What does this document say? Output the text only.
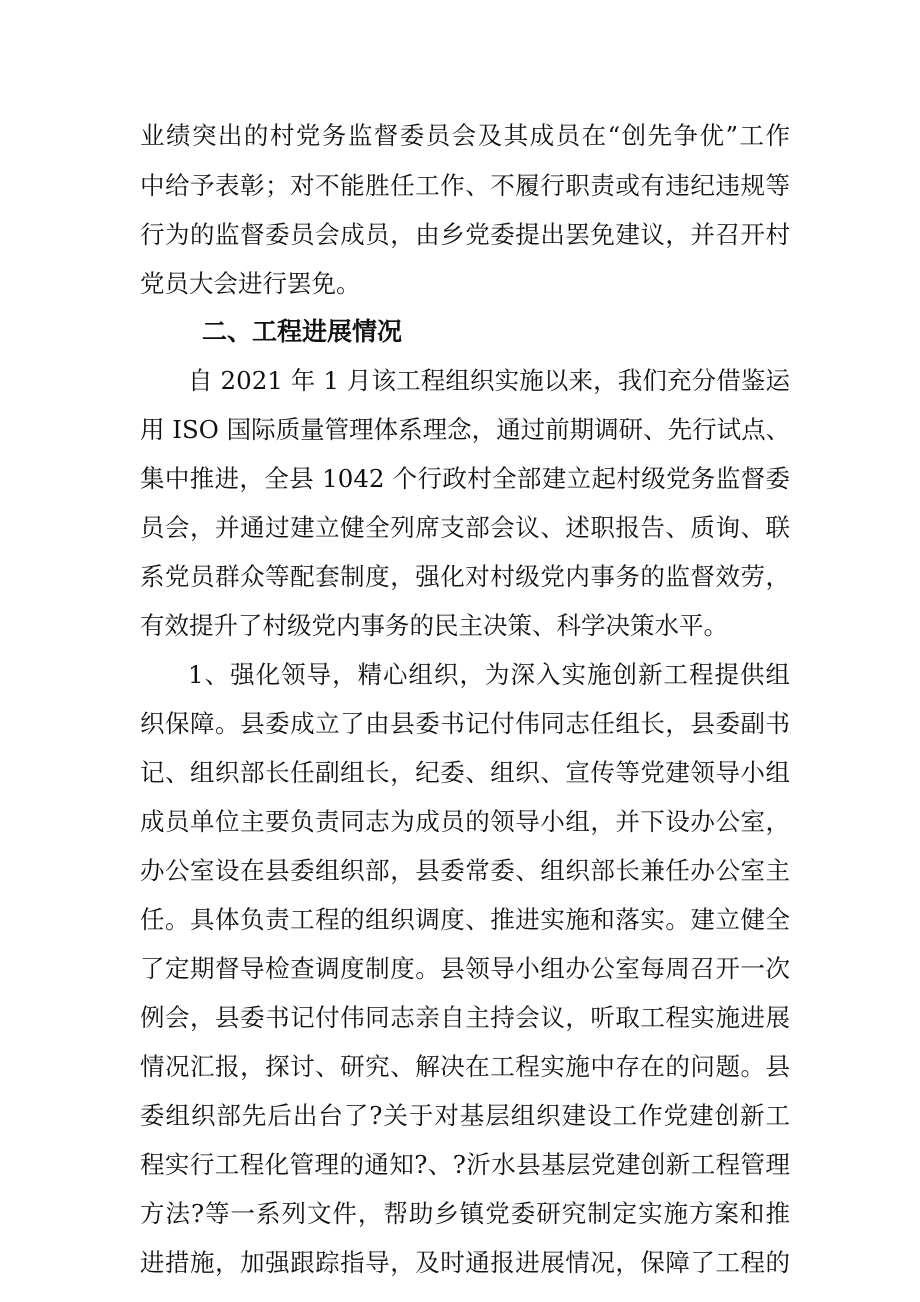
业绩突出的村党务监督委员会及其成员在“创先争优”工作
中给予表彰；对不能胜任工作、不履行职责或有违纪违规等
行为的监督委员会成员，由乡党委提出罢免建议，并召开村
党员大会进行罢免。
二、工程进展情况
自 2021 年 1 月该工程组织实施以来，我们充分借鉴运
用 ISO 国际质量管理体系理念，通过前期调研、先行试点、
集中推进，全县 1042 个行政村全部建立起村级党务监督委
员会，并通过建立健全列席支部会议、述职报告、质询、联
系党员群众等配套制度，强化对村级党内事务的监督效劳，
有效提升了村级党内事务的民主决策、科学决策水平。
1、强化领导，精心组织，为深入实施创新工程提供组
织保障。县委成立了由县委书记付伟同志任组长，县委副书
记、组织部长任副组长，纪委、组织、宣传等党建领导小组
成员单位主要负责同志为成员的领导小组，并下设办公室，
办公室设在县委组织部，县委常委、组织部长兼任办公室主
任。具体负责工程的组织调度、推进实施和落实。建立健全
了定期督导检查调度制度。县领导小组办公室每周召开一次
例会，县委书记付伟同志亲自主持会议，听取工程实施进展
情况汇报，探讨、研究、解决在工程实施中存在的问题。县
委组织部先后出台了?关于对基层组织建设工作党建创新工
程实行工程化管理的通知?、?沂水县基层党建创新工程管理
方法?等一系列文件，帮助乡镇党委研究制定实施方案和推
进措施，加强跟踪指导，及时通报进展情况，保障了工程的
